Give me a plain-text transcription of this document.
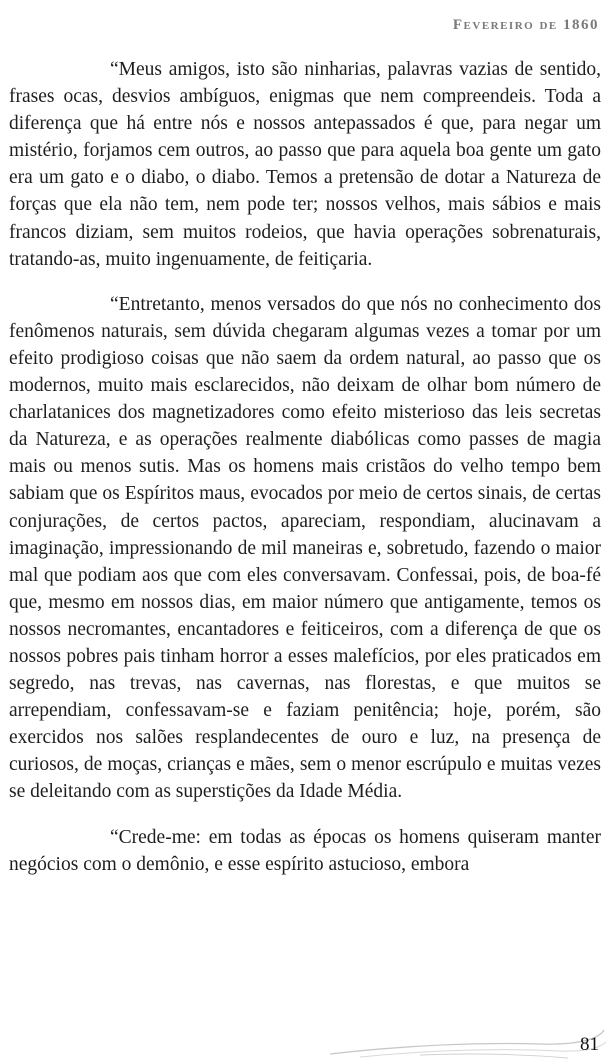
Fevereiro de 1860

“Meus amigos, isto são ninharias, palavras vazias de sentido, frases ocas, desvios ambíguos, enigmas que nem compreendeis. Toda a diferença que há entre nós e nossos antepassados é que, para negar um mistério, forjamos cem outros, ao passo que para aquela boa gente um gato era um gato e o diabo, o diabo. Temos a pretensão de dotar a Natureza de forças que ela não tem, nem pode ter; nossos velhos, mais sábios e mais francos diziam, sem muitos rodeios, que havia operações sobrenaturais, tratando-as, muito ingenuamente, de feitiçaria.

“Entretanto, menos versados do que nós no conhecimento dos fenômenos naturais, sem dúvida chegaram algumas vezes a tomar por um efeito prodigioso coisas que não saem da ordem natural, ao passo que os modernos, muito mais esclarecidos, não deixam de olhar bom número de charlatanices dos magnetizadores como efeito misterioso das leis secretas da Natureza, e as operações realmente diabólicas como passes de magia mais ou menos sutis. Mas os homens mais cristãos do velho tempo bem sabiam que os Espíritos maus, evocados por meio de certos sinais, de certas conjurações, de certos pactos, apareciam, respondiam, alucinavam a imaginação, impressionando de mil maneiras e, sobretudo, fazendo o maior mal que podiam aos que com eles conversavam. Confessai, pois, de boa-fé que, mesmo em nossos dias, em maior número que antigamente, temos os nossos necromantes, encantadores e feiticeiros, com a diferença de que os nossos pobres pais tinham horror a esses malefícios, por eles praticados em segredo, nas trevas, nas cavernas, nas florestas, e que muitos se arrependiam, confessavam-se e faziam penitência; hoje, porém, são exercidos nos salões resplandecentes de ouro e luz, na presença de curiosos, de moças, crianças e mães, sem o menor escrúpulo e muitas vezes se deleitando com as superstições da Idade Média.

“Crede-me: em todas as épocas os homens quiseram manter negócios com o demônio, e esse espírito astucioso, embora

81
